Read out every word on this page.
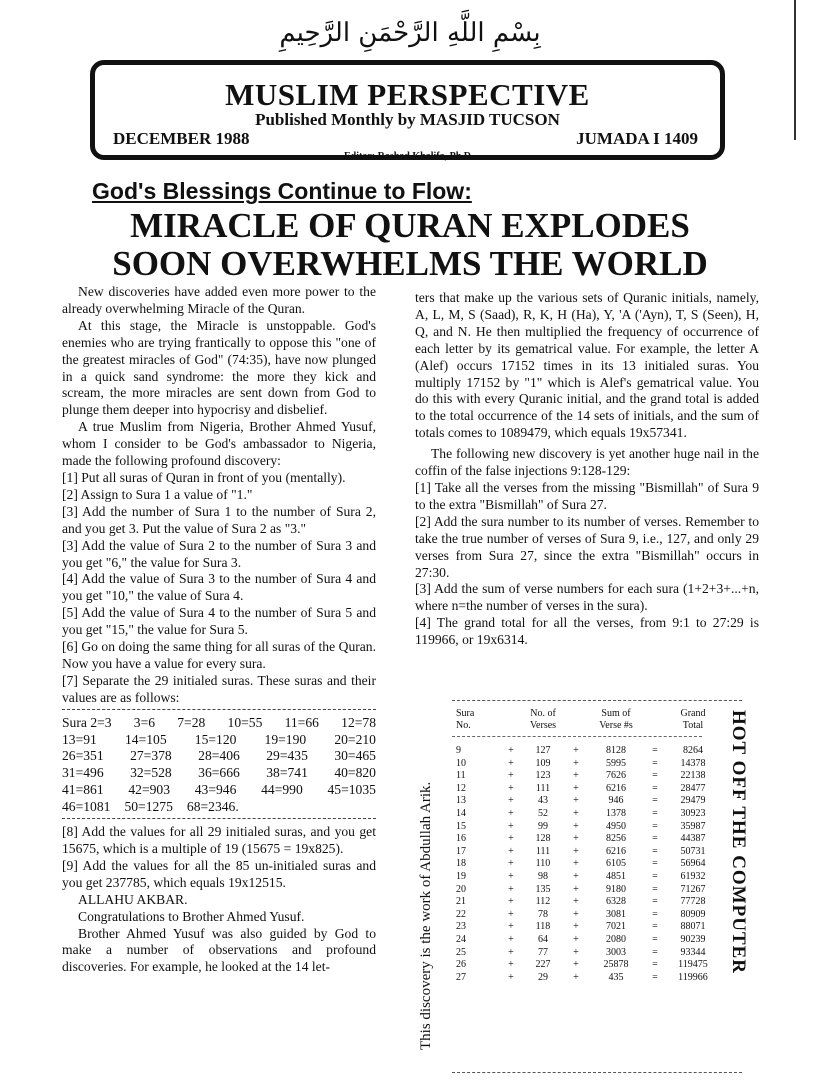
بِسْمِ اللَّهِ الرَّحْمَنِ الرَّحِيمِ
MUSLIM PERSPECTIVE
Published Monthly by MASJID TUCSON
DECEMBER 1988	JUMADA I 1409
Editor: Rashad Khalifa, Ph.D
God's Blessings Continue to Flow:
MIRACLE OF QURAN EXPLODES
SOON OVERWHELMS THE WORLD

New discoveries have added even more power to the already overwhelming Miracle of the Quran.

At this stage, the Miracle is unstoppable. God's enemies who are trying frantically to oppose this "one of the greatest miracles of God" (74:35), have now plunged in a quick sand syndrome: the more they kick and scream, the more miracles are sent down from God to plunge them deeper into hypocrisy and disbelief.

A true Muslim from Nigeria, Brother Ahmed Yusuf, whom I consider to be God's ambassador to Nigeria, made the following profound discovery:

[1] Put all suras of Quran in front of you (mentally).

[2] Assign to Sura 1 a value of "1."

[3] Add the number of Sura 1 to the number of Sura 2, and you get 3. Put the value of Sura 2 as "3."

[3] Add the value of Sura 2 to the number of Sura 3 and you get "6," the value for Sura 3.

[4] Add the value of Sura 3 to the number of Sura 4 and you get "10," the value of Sura 4.

[5] Add the value of Sura 4 to the number of Sura 5 and you get "15," the value for Sura 5.

[6] Go on doing the same thing for all suras of the Quran. Now you have a value for every sura.

[7] Separate the 29 initialed suras. These suras and their values are as follows:

Sura 2=3 3=6 7=28 10=55 11=66 12=78
13=91 14=105 15=120 19=190 20=210
26=351 27=378 28=406 29=435 30=465
31=496 32=528 36=666 38=741 40=820
41=861 42=903 43=946 44=990 45=1035
46=1081 50=1275 68=2346.

[8] Add the values for all 29 initialed suras, and you get 15675, which is a multiple of 19 (15675 = 19x825).

[9] Add the values for all the 85 un-initialed suras and you get 237785, which equals 19x12515.

ALLAHU AKBAR.

Congratulations to Brother Ahmed Yusuf.

Brother Ahmed Yusuf was also guided by God to make a number of observations and profound discoveries. For example, he looked at the 14 let-

ters that make up the various sets of Quranic initials, namely, A, L, M, S (Saad), R, K, H (Ha), Y, 'A ('Ayn), T, S (Seen), H, Q, and N. He then multiplied the frequency of occurrence of each letter by its gematrical value. For example, the letter A (Alef) occurs 17152 times in its 13 initialed suras. You multiply 17152 by "1" which is Alef's gematrical value. You do this with every Quranic initial, and the grand total is added to the total occurrence of the 14 sets of initials, and the sum of totals comes to 1089479, which equals 19x57341.

The following new discovery is yet another huge nail in the coffin of the false injections 9:128-129:

[1] Take all the verses from the missing "Bismillah" of Sura 9 to the extra "Bismillah" of Sura 27.

[2] Add the sura number to its number of verses. Remember to take the true number of verses of Sura 9, i.e., 127, and only 29 verses from Sura 27, since the extra "Bismillah" occurs in 27:30.

[3] Add the sum of verse numbers for each sura (1+2+3+...+n, where n=the number of verses in the sura).

[4] The grand total for all the verses, from 9:1 to 27:29 is 119966, or 19x6314.

Sura
No.
No. of
Verses
Sum of
Verse #s
Grand
Total
9	+	127	+	8128	=	8264
10	+	109	+	5995	=	14378
11	+	123	+	7626	=	22138
12	+	111	+	6216	=	28477
13	+	43	+	946	=	29479
14	+	52	+	1378	=	30923
15	+	99	+	4950	=	35987
16	+	128	+	8256	=	44387
17	+	111	+	6216	=	50731
18	+	110	+	6105	=	56964
19	+	98	+	4851	=	61932
20	+	135	+	9180	=	71267
21	+	112	+	6328	=	77728
22	+	78	+	3081	=	80909
23	+	118	+	7021	=	88071
24	+	64	+	2080	=	90239
25	+	77	+	3003	=	93344
26	+	227	+	25878	=	119475
27	+	29	+	435	=	119966
This discovery is the work of Abdullah Arik.	HOT OFF THE COMPUTER
